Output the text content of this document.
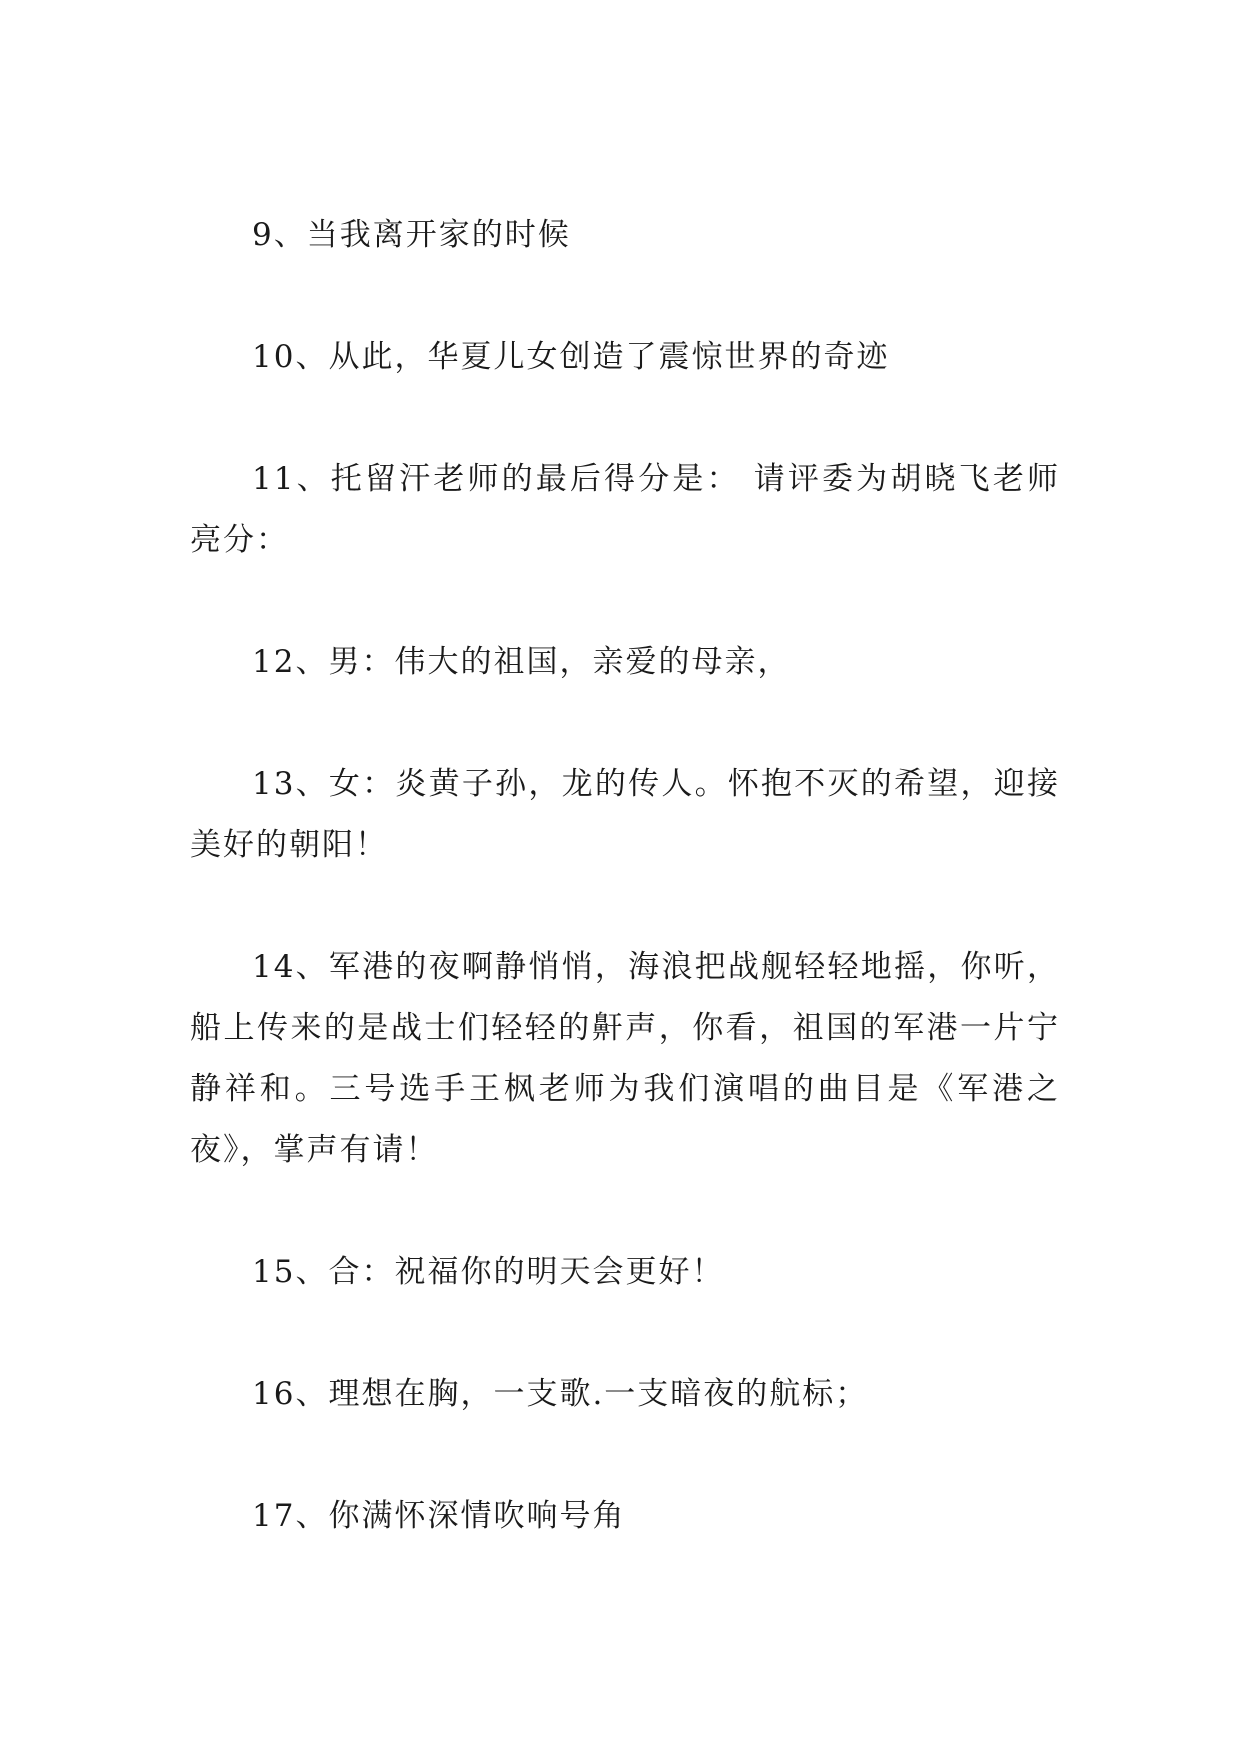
9、当我离开家的时候

10、从此，华夏儿女创造了震惊世界的奇迹

11、托留汗老师的最后得分是： 请评委为胡晓飞老师亮分：

12、男：伟大的祖国，亲爱的母亲，

13、女：炎黄子孙，龙的传人。怀抱不灭的希望，迎接美好的朝阳！

14、军港的夜啊静悄悄，海浪把战舰轻轻地摇，你听，船上传来的是战士们轻轻的鼾声，你看，祖国的军港一片宁静祥和。三号选手王枫老师为我们演唱的曲目是《军港之夜》，掌声有请！

15、合：祝福你的明天会更好！

16、理想在胸，一支歌.一支暗夜的航标；

17、你满怀深情吹响号角
